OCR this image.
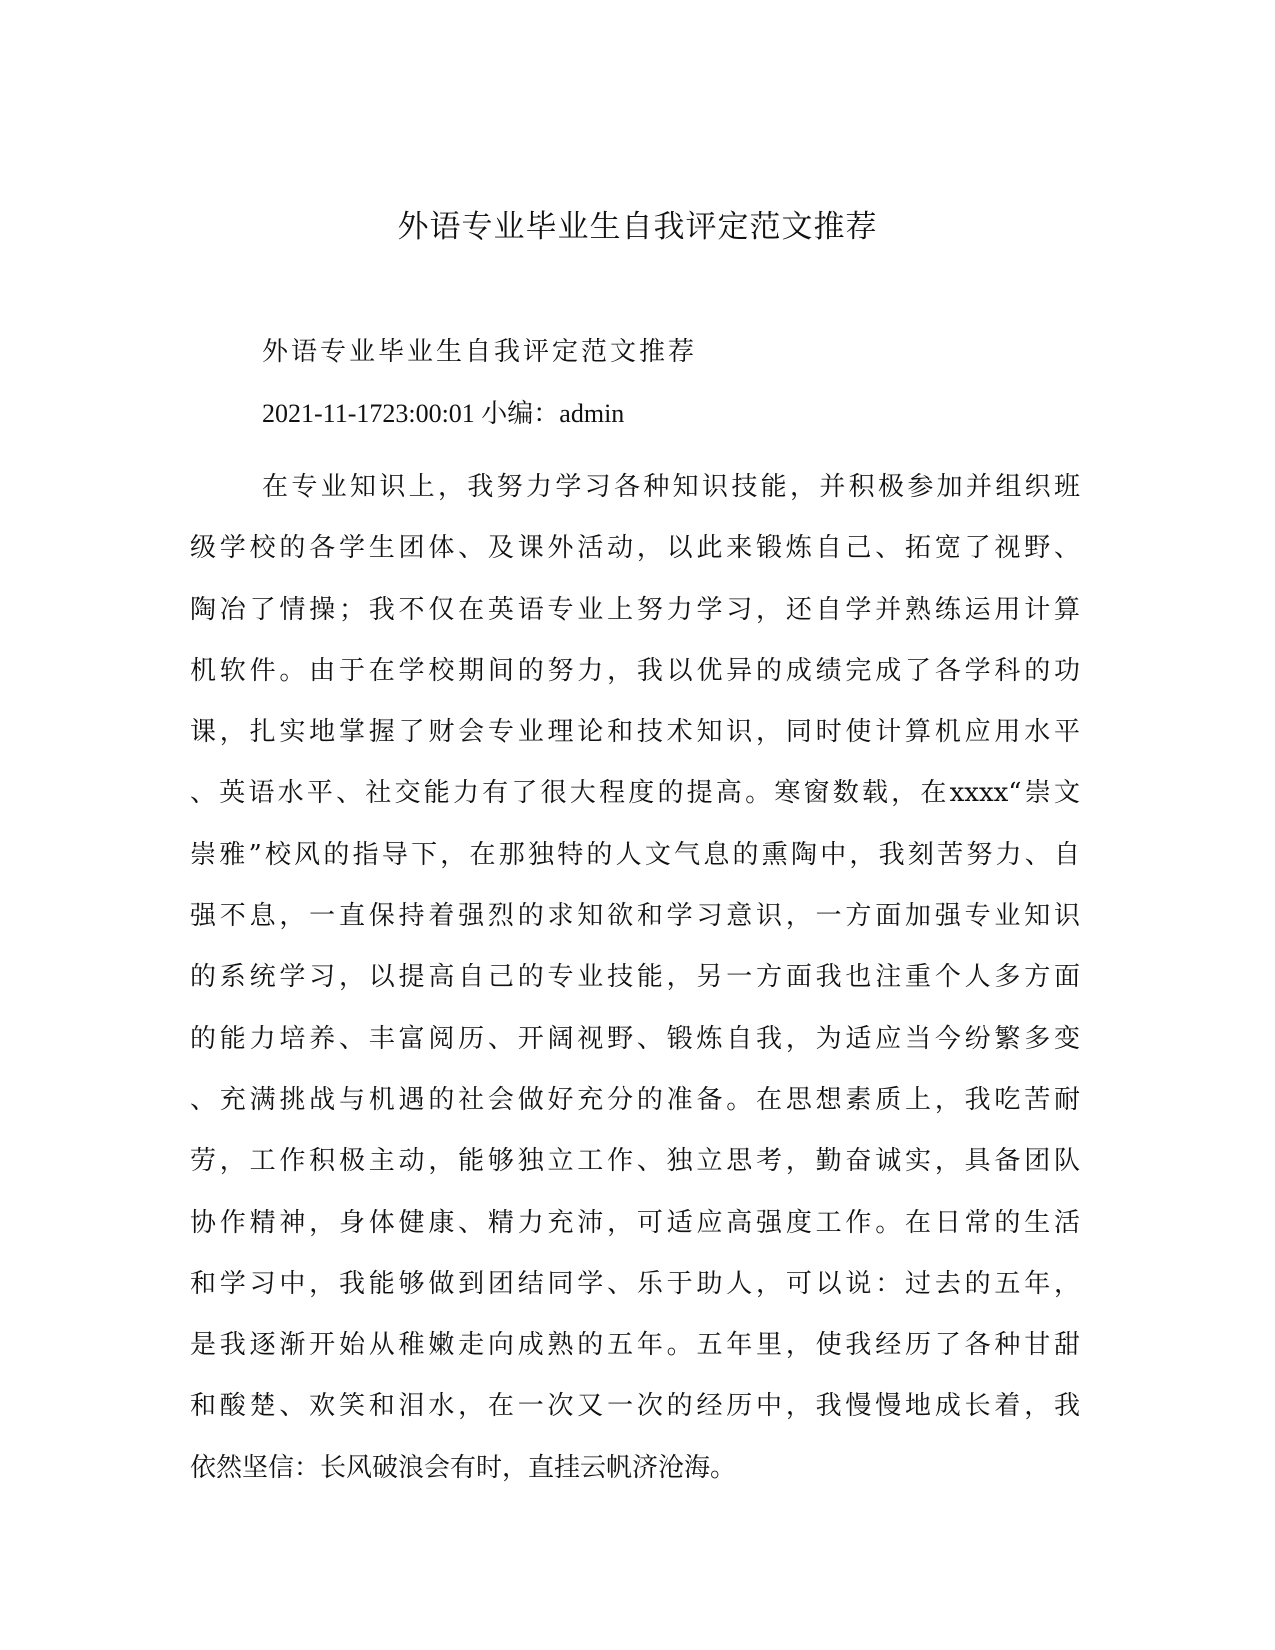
外语专业毕业生自我评定范文推荐

外语专业毕业生自我评定范文推荐

2021-11-1723:00:01 小编：admin

在专业知识上，我努力学习各种知识技能，并积极参加并组织班
级学校的各学生团体、及课外活动，以此来锻炼自己、拓宽了视野、
陶冶了情操；我不仅在英语专业上努力学习，还自学并熟练运用计算
机软件。由于在学校期间的努力，我以优异的成绩完成了各学科的功
课，扎实地掌握了财会专业理论和技术知识，同时使计算机应用水平
、英语水平、社交能力有了很大程度的提高。寒窗数载，在xxxx“崇文
崇雅”校风的指导下，在那独特的人文气息的熏陶中，我刻苦努力、自
强不息，一直保持着强烈的求知欲和学习意识，一方面加强专业知识
的系统学习，以提高自己的专业技能，另一方面我也注重个人多方面
的能力培养、丰富阅历、开阔视野、锻炼自我，为适应当今纷繁多变
、充满挑战与机遇的社会做好充分的准备。在思想素质上，我吃苦耐
劳，工作积极主动，能够独立工作、独立思考，勤奋诚实，具备团队
协作精神，身体健康、精力充沛，可适应高强度工作。在日常的生活
和学习中，我能够做到团结同学、乐于助人，可以说：过去的五年，
是我逐渐开始从稚嫩走向成熟的五年。五年里，使我经历了各种甘甜
和酸楚、欢笑和泪水，在一次又一次的经历中，我慢慢地成长着，我
依然坚信：长风破浪会有时，直挂云帆济沧海。
